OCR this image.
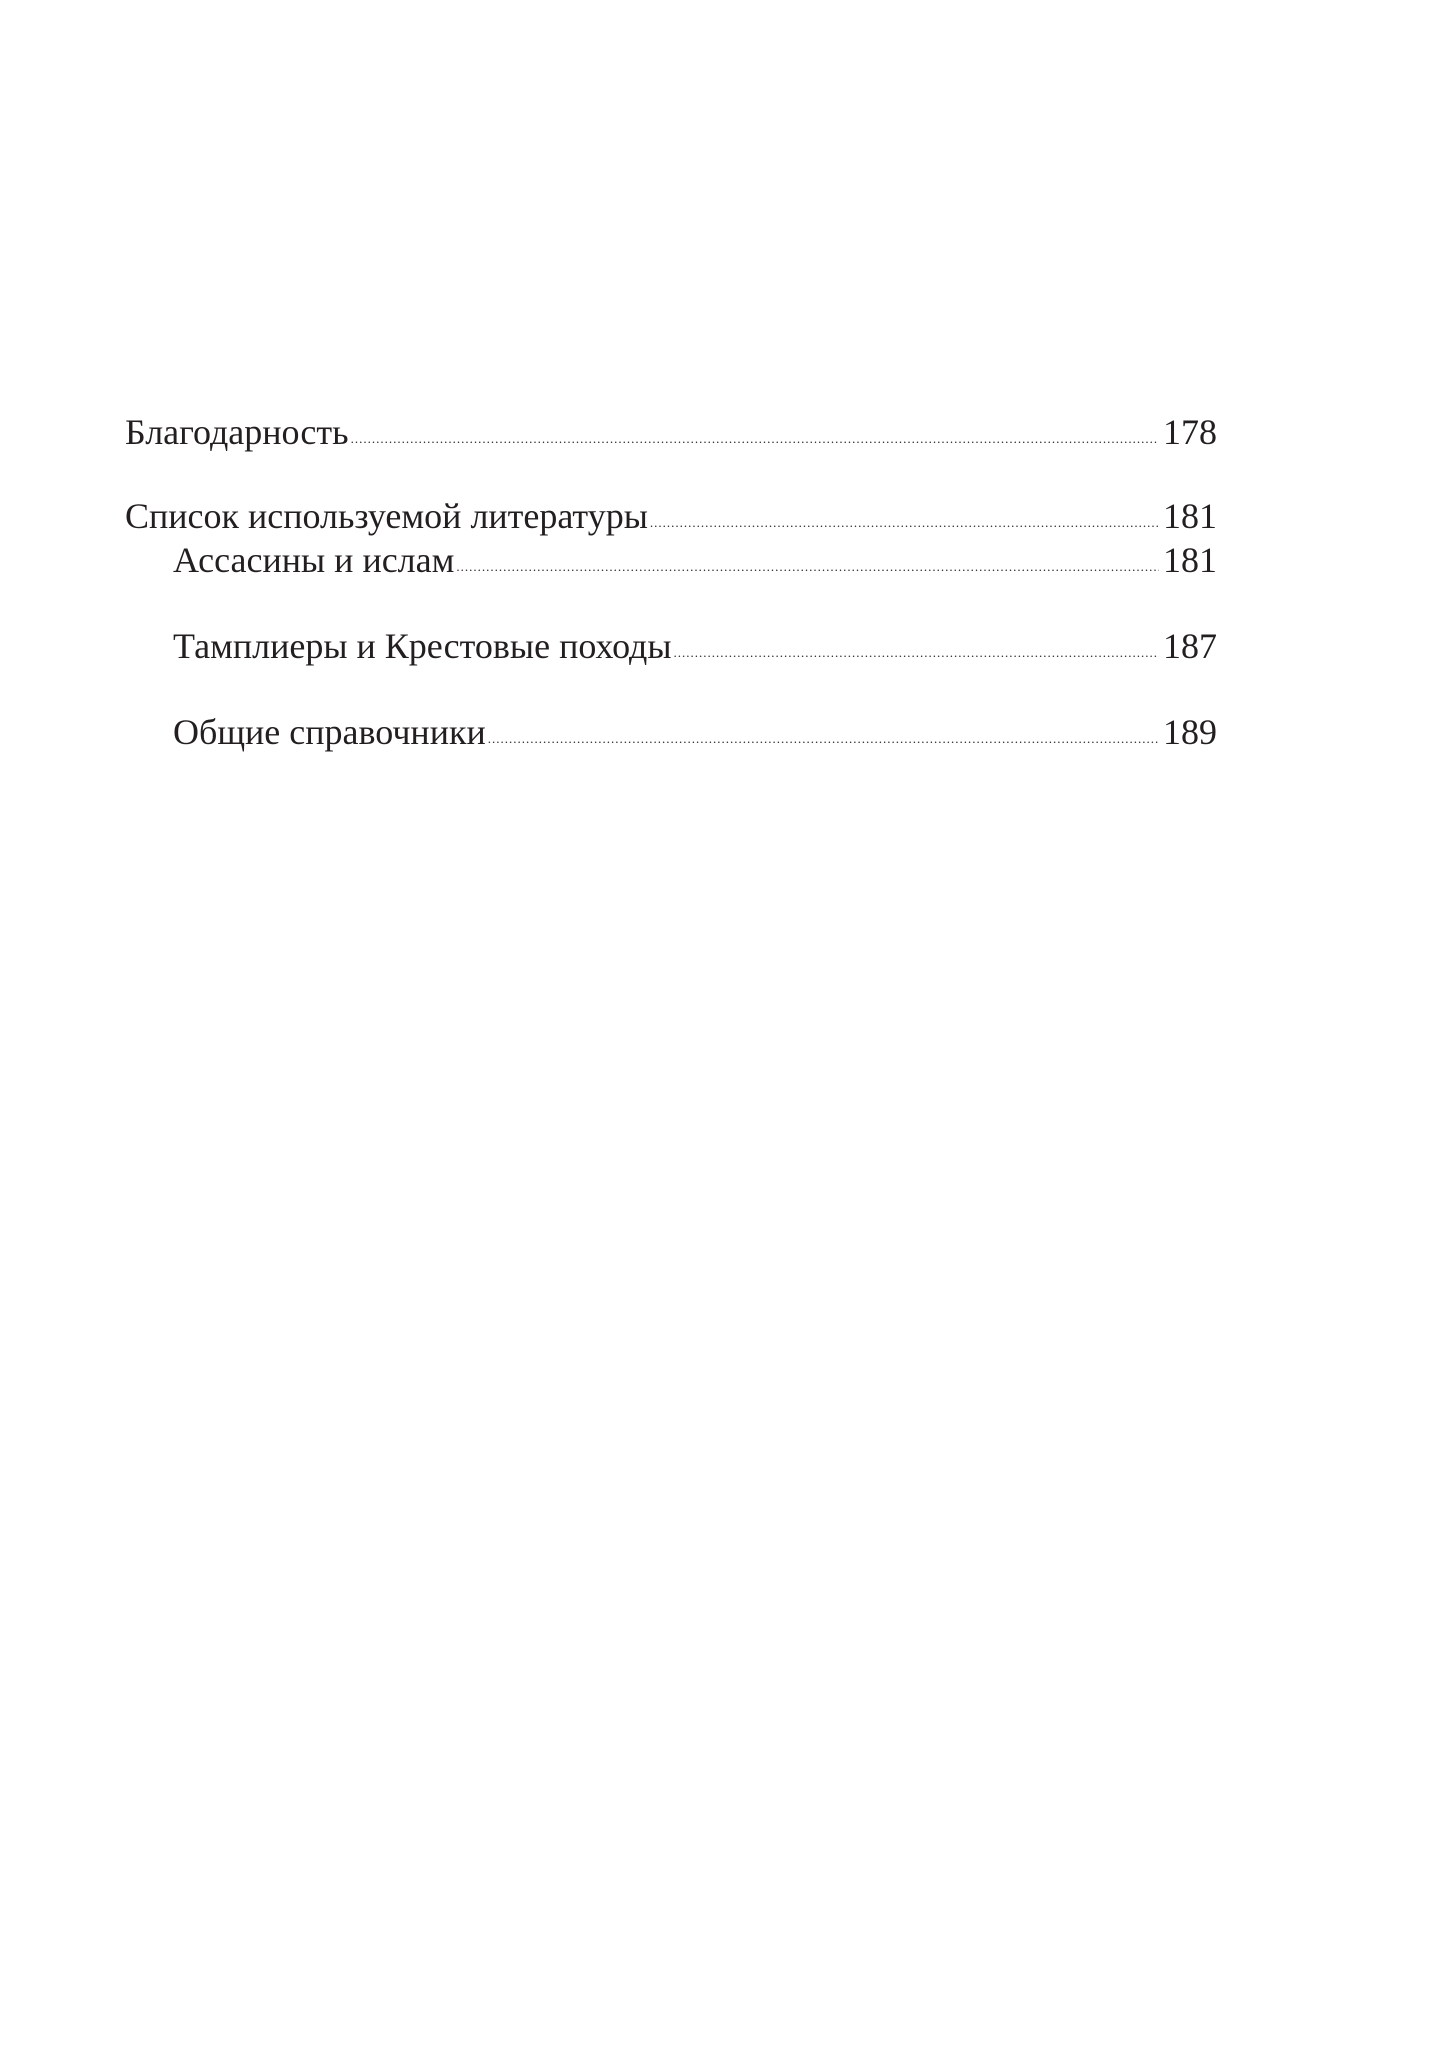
Благодарность .....	178
Список используемой литературы .....	181
Ассасины и ислам .....	181
Тамплиеры и Крестовые походы .....	187
Общие справочники .....	189
